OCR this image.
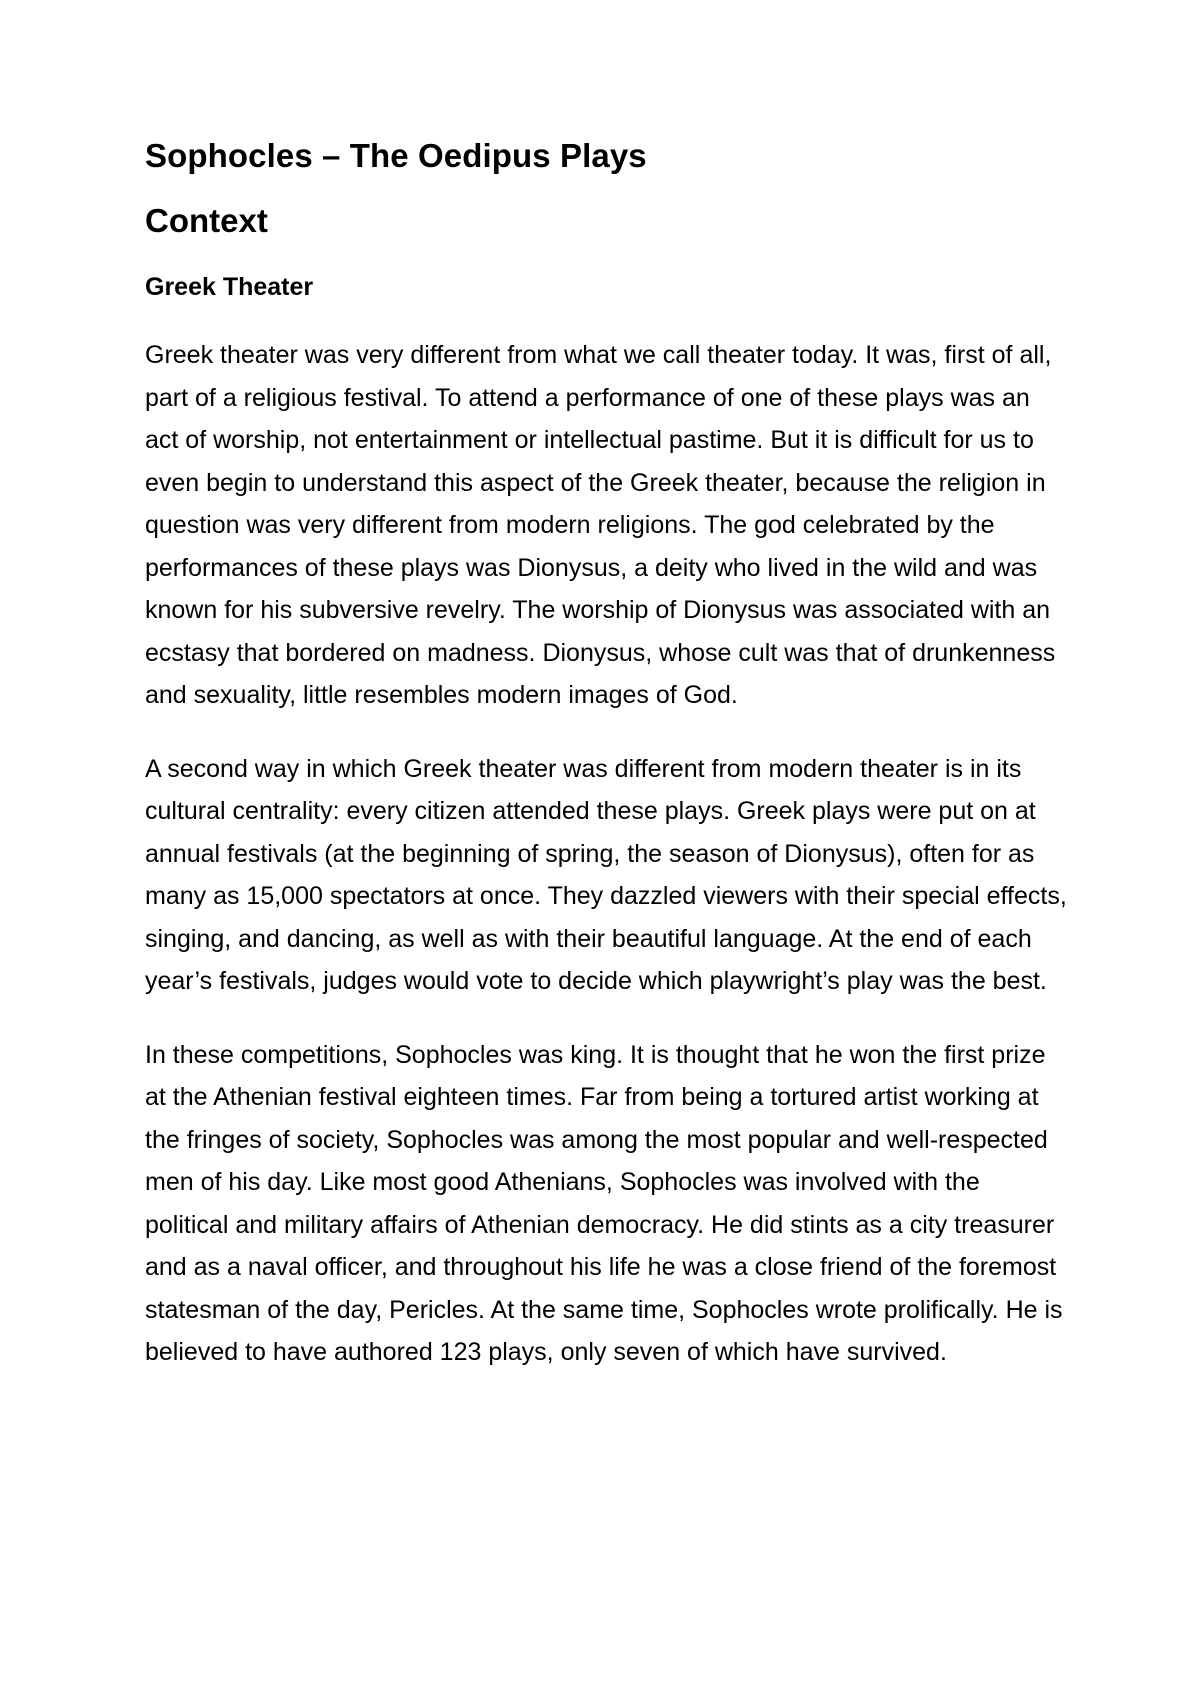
Sophocles – The Oedipus Plays
Context
Greek Theater

Greek theater was very different from what we call theater today. It was, first of all, part of a religious festival. To attend a performance of one of these plays was an act of worship, not entertainment or intellectual pastime. But it is difficult for us to even begin to understand this aspect of the Greek theater, because the religion in question was very different from modern religions. The god celebrated by the performances of these plays was Dionysus, a deity who lived in the wild and was known for his subversive revelry. The worship of Dionysus was associated with an ecstasy that bordered on madness. Dionysus, whose cult was that of drunkenness and sexuality, little resembles modern images of God.

A second way in which Greek theater was different from modern theater is in its cultural centrality: every citizen attended these plays. Greek plays were put on at annual festivals (at the beginning of spring, the season of Dionysus), often for as many as 15,000 spectators at once. They dazzled viewers with their special effects, singing, and dancing, as well as with their beautiful language. At the end of each year’s festivals, judges would vote to decide which playwright’s play was the best.

In these competitions, Sophocles was king. It is thought that he won the first prize at the Athenian festival eighteen times. Far from being a tortured artist working at the fringes of society, Sophocles was among the most popular and well-respected men of his day. Like most good Athenians, Sophocles was involved with the political and military affairs of Athenian democracy. He did stints as a city treasurer and as a naval officer, and throughout his life he was a close friend of the foremost statesman of the day, Pericles. At the same time, Sophocles wrote prolifically. He is believed to have authored 123 plays, only seven of which have survived.
